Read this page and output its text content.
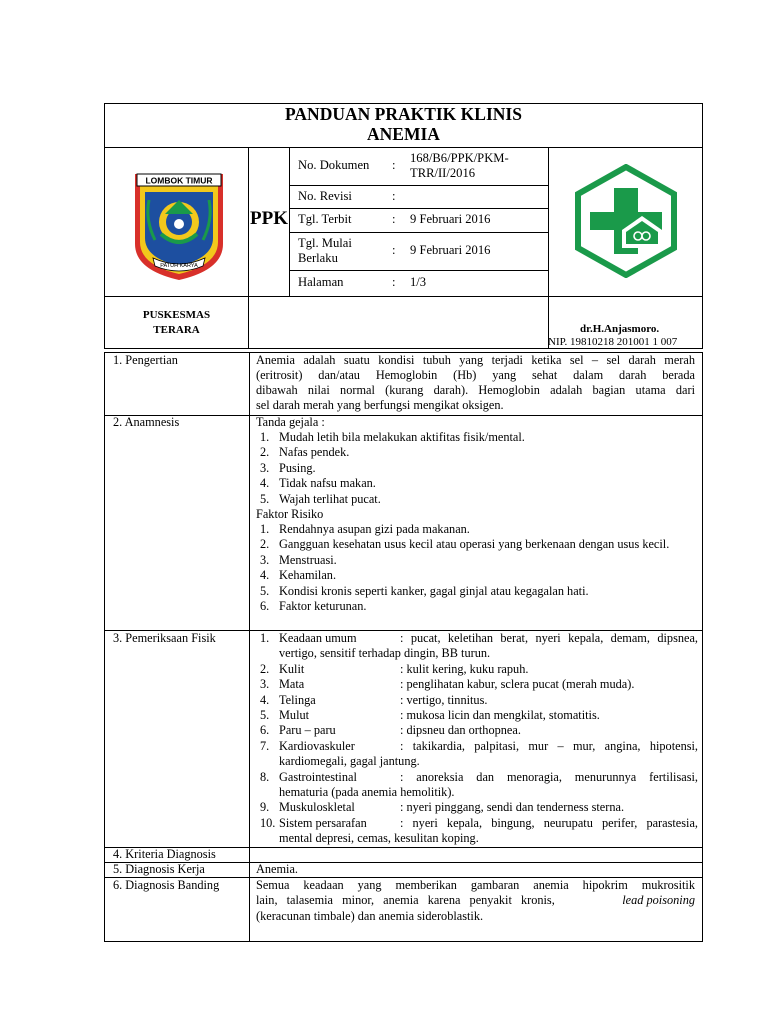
PANDUAN PRAKTIK KLINIS
ANEMIA
LOMBOK TIMUR
PATUH KARYA
PPK
No. Dokumen : 168/B6/PPK/PKM-
TRR/II/2016
No. Revisi	:
Tgl. Terbit	: 9 Februari 2016
Tgl. Mulai
Berlaku
: 9 Februari 2016
Halaman	: 1/3
PUSKESMAS
TERARA	dr.H.Anjasmoro.
NIP. 19810218 201001 1 007
1. Pengertian	Anemia adalah suatu kondisi tubuh yang terjadi ketika sel – sel darah merah
(eritrosit) dan/atau Hemoglobin (Hb) yang sehat dalam darah berada
dibawah nilai normal (kurang darah). Hemoglobin adalah bagian utama dari
sel darah merah yang berfungsi mengikat oksigen.
2. Anamnesis	Tanda gejala :
1. Mudah letih bila melakukan aktifitas fisik/mental.
2. Nafas pendek.
3. Pusing.
4. Tidak nafsu makan.
5. Wajah terlihat pucat.
Faktor Risiko
1. Rendahnya asupan gizi pada makanan.
2. Gangguan kesehatan usus kecil atau operasi yang berkenaan dengan usus kecil.
3. Menstruasi.
4. Kehamilan.
5. Kondisi kronis seperti kanker, gagal ginjal atau kegagalan hati.
6. Faktor keturunan.
3. Pemeriksaan Fisik	1. Keadaan umum	: pucat, keletihan berat, nyeri kepala, demam, dipsnea, vertigo, sensitif terhadap dingin, BB turun.
2. Kulit	: kulit kering, kuku rapuh.
3. Mata	: penglihatan kabur, sclera pucat (merah muda).
4. Telinga	: vertigo, tinnitus.
5. Mulut	: mukosa licin dan mengkilat, stomatitis.
6. Paru – paru	: dipsneu dan orthopnea.
7. Kardiovaskuler	: takikardia, palpitasi, mur – mur, angina, hipotensi, kardiomegali, gagal jantung.
8. Gastrointestinal	: anoreksia dan menoragia, menurunnya fertilisasi, hematuria (pada anemia hemolitik).
9. Muskuloskletal	: nyeri pinggang, sendi dan tenderness sterna.
10. Sistem persarafan	: nyeri kepala, bingung, neurupatu perifer, parastesia, mental depresi, cemas, kesulitan koping.
4. Kriteria Diagnosis
5. Diagnosis Kerja	Anemia.
6. Diagnosis Banding	Semua keadaan yang memberikan gambaran anemia hipokrim mukrositik
lain, talasemia minor, anemia karena penyakit kronis,	lead poisoning
(keracunan timbale) dan anemia sideroblastik.
